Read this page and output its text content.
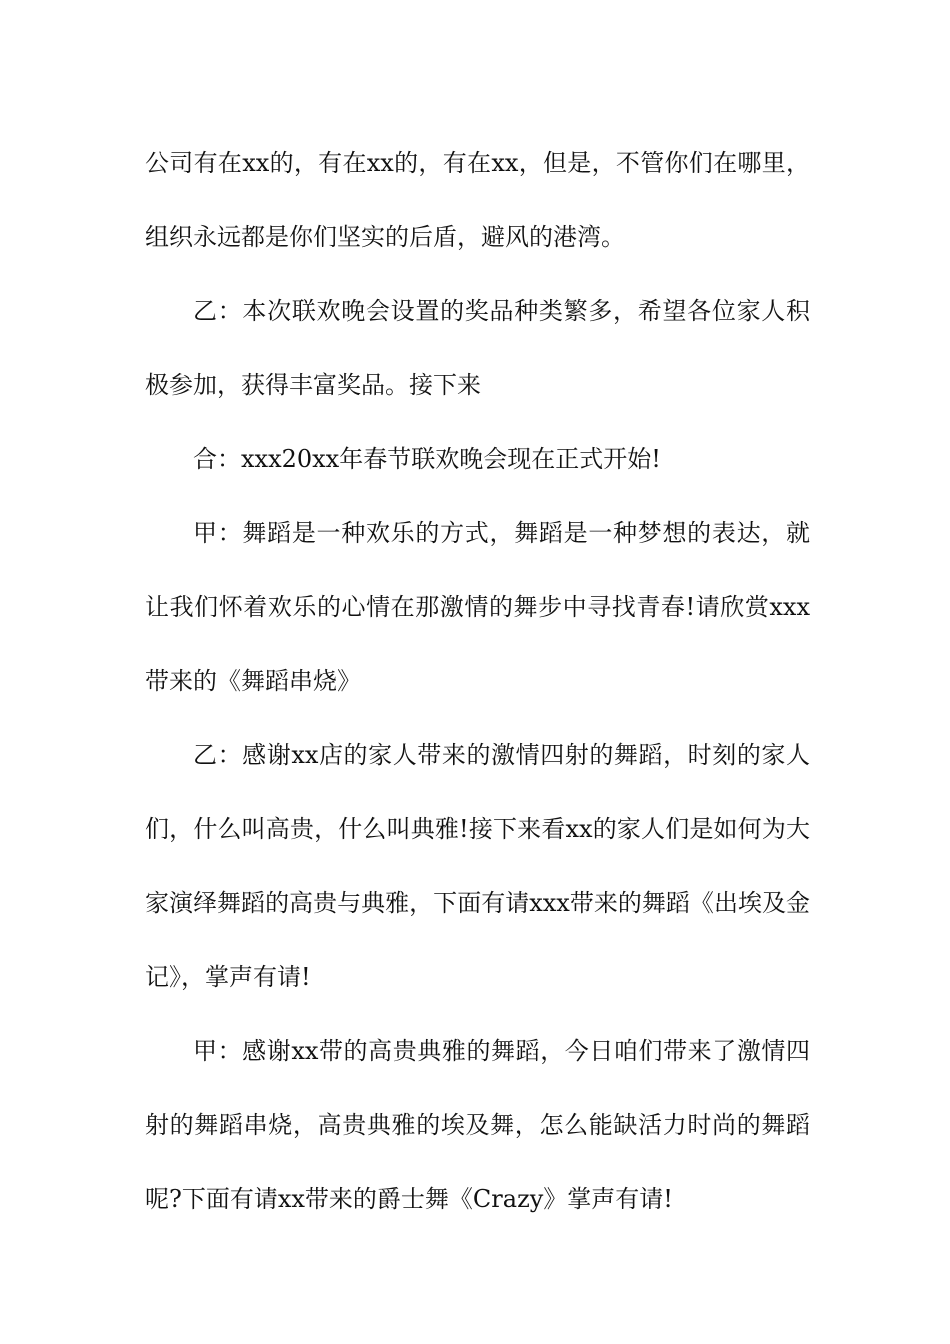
公司有在xx的，有在xx的，有在xx，但是，不管你们在哪里，组织永远都是你们坚实的后盾，避风的港湾。

乙：本次联欢晚会设置的奖品种类繁多，希望各位家人积极参加，获得丰富奖品。接下来

合：xxx20xx年春节联欢晚会现在正式开始!

甲：舞蹈是一种欢乐的方式，舞蹈是一种梦想的表达，就让我们怀着欢乐的心情在那激情的舞步中寻找青春!请欣赏xxx带来的《舞蹈串烧》

乙：感谢xx店的家人带来的激情四射的舞蹈，时刻的家人们，什么叫高贵，什么叫典雅!接下来看xx的家人们是如何为大家演绎舞蹈的高贵与典雅，下面有请xxx带来的舞蹈《出埃及金记》，掌声有请!

甲：感谢xx带的高贵典雅的舞蹈，今日咱们带来了激情四射的舞蹈串烧，高贵典雅的埃及舞，怎么能缺活力时尚的舞蹈呢?下面有请xx带来的爵士舞《Crazy》掌声有请!
